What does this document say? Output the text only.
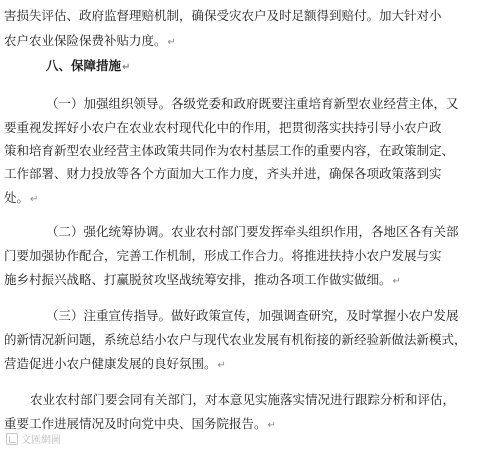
害损失评估、政府监督理赔机制，确保受灾农户及时足额得到赔付。加大针对小
农户农业保险保费补贴力度。↵
八、保障措施↵
（一）加强组织领导。各级党委和政府既要注重培育新型农业经营主体，又
要重视发挥好小农户在农业农村现代化中的作用，把贯彻落实扶持引导小农户政
策和培育新型农业经营主体政策共同作为农村基层工作的重要内容，在政策制定、
工作部署、财力投放等各个方面加大工作力度，齐头并进，确保各项政策落到实
处。↵
（二）强化统筹协调。农业农村部门要发挥牵头组织作用，各地区各有关部
门要加强协作配合，完善工作机制，形成工作合力。将推进扶持小农户发展与实
施乡村振兴战略、打赢脱贫攻坚战统筹安排，推动各项工作做实做细。↵
（三）注重宣传指导。做好政策宣传，加强调查研究，及时掌握小农户发展
的新情况新问题，系统总结小农户与现代农业发展有机衔接的新经验新做法新模式，
营造促进小农户健康发展的良好氛围。↵
农业农村部门要会同有关部门，对本意见实施落实情况进行跟踪分析和评估，
重要工作进展情况及时向党中央、国务院报告。↵
文匯網圖
